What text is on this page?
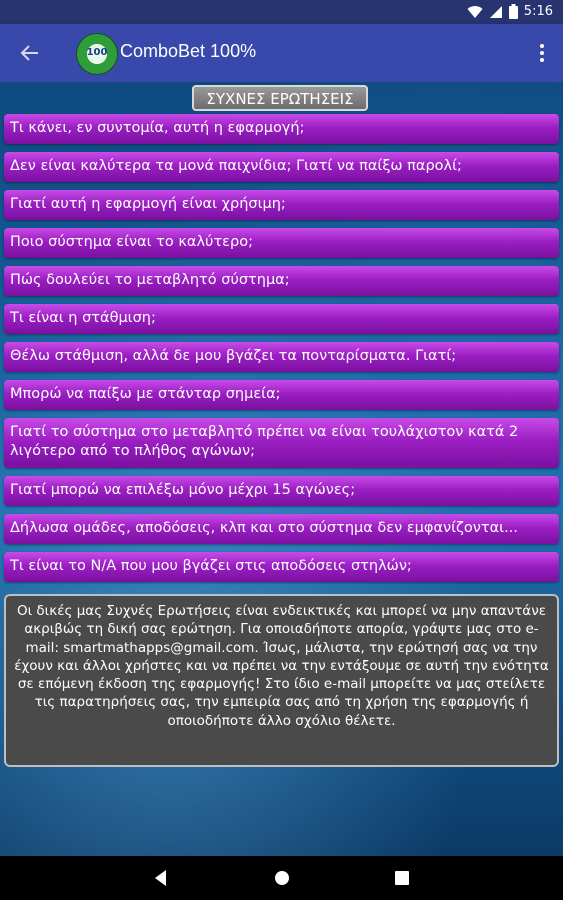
5:16
100 ComboBet 100%
ΣΥΧΝΕΣ ΕΡΩΤΗΣΕΙΣ
Τι κάνει, εν συντομία, αυτή η εφαρμογή;
Δεν είναι καλύτερα τα μονά παιχνίδια; Γιατί να παίξω παρολί;
Γιατί αυτή η εφαρμογή είναι χρήσιμη;
Ποιο σύστημα είναι το καλύτερο;
Πώς δουλεύει το μεταβλητό σύστημα;
Τι είναι η στάθμιση;
Θέλω στάθμιση, αλλά δε μου βγάζει τα πονταρίσματα. Γιατί;
Μπορώ να παίξω με στάνταρ σημεία;
Γιατί το σύστημα στο μεταβλητό πρέπει να είναι τουλάχιστον κατά 2 λιγότερο από το πλήθος αγώνων;
Γιατί μπορώ να επιλέξω μόνο μέχρι 15 αγώνες;
Δήλωσα ομάδες, αποδόσεις, κλπ και στο σύστημα δεν εμφανίζονται...
Τι είναι το N/A που μου βγάζει στις αποδόσεις στηλών;
Οι δικές μας Συχνές Ερωτήσεις είναι ενδεικτικές και μπορεί να μην απαντάνε ακριβώς τη δική σας ερώτηση. Για οποιαδήποτε απορία, γράψτε μας στο e-mail: smartmathapps@gmail.com. Ίσως, μάλιστα, την ερώτησή σας να την έχουν και άλλοι χρήστες και να πρέπει να την εντάξουμε σε αυτή την ενότητα σε επόμενη έκδοση της εφαρμογής! Στο ίδιο e-mail μπορείτε να μας στείλετε τις παρατηρήσεις σας, την εμπειρία σας από τη χρήση της εφαρμογής ή οποιοδήποτε άλλο σχόλιο θέλετε.
